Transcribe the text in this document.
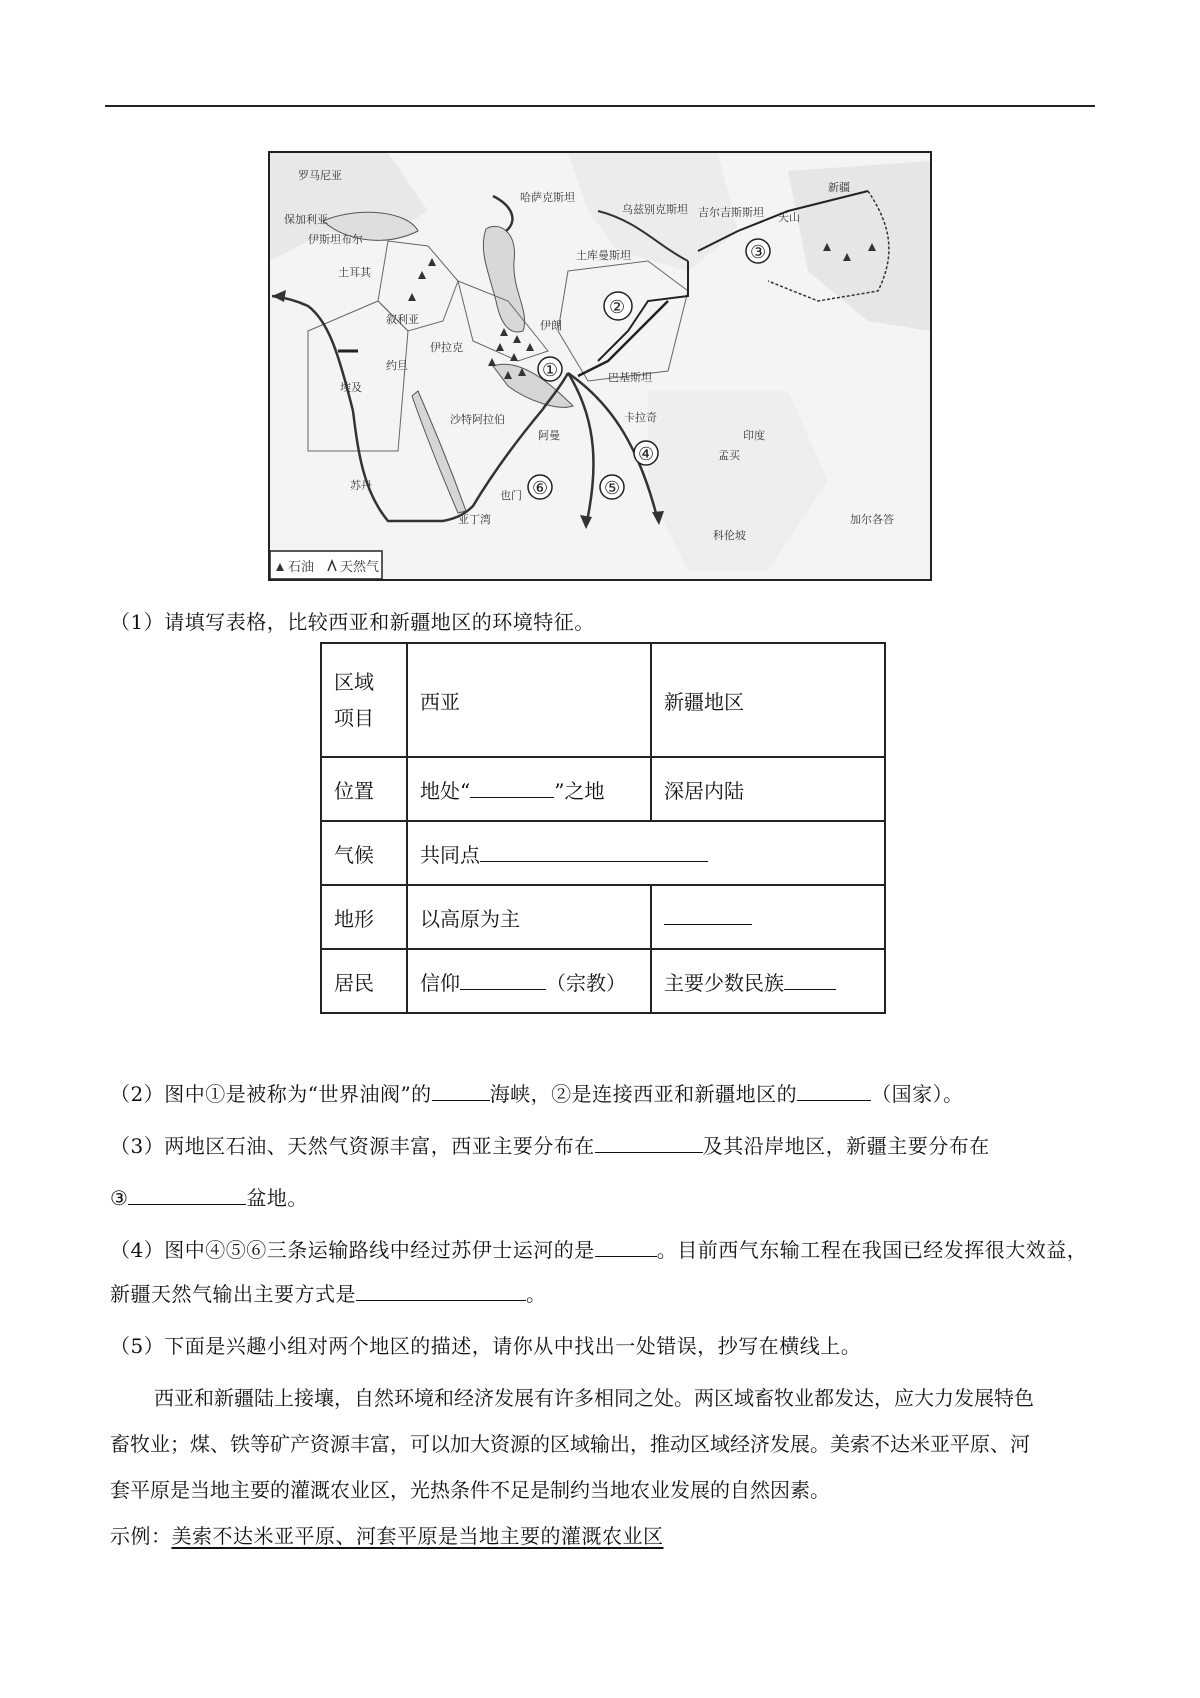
罗马尼亚
保加利亚
伊斯坦布尔
土耳其
叙利亚
伊拉克
伊朗
埃及
苏丹
约旦
沙特阿拉伯
也门
亚丁湾
阿曼
卡拉奇
巴基斯坦
印度
哈萨克斯坦
土库曼斯坦
乌兹别克斯坦 吉尔吉斯斯坦 天山
孟买
科伦坡
加尔各答
新疆
①
②
③
④
⑤
⑥
石油 天然气
（1）请填写表格，比较西亚和新疆地区的环境特征。
区域
项目	西亚	新疆地区
位置	地处“ ”之地	深居内陆
气候	共同点	
地形	以高原为主	
居民	信仰 （宗教）	主要少数民族
（2）图中①是被称为“世界油阀”的	海峡，②是连接西亚和新疆地区的	（国家）。
（3）两地区石油、天然气资源丰富，西亚主要分布在	及其沿岸地区，新疆主要分布在
③	盆地。
（4）图中④⑤⑥三条运输路线中经过苏伊士运河的是	。目前西气东输工程在我国已经发挥很大效益，
新疆天然气输出主要方式是	。
（5）下面是兴趣小组对两个地区的描述，请你从中找出一处错误，抄写在横线上。
西亚和新疆陆上接壤，自然环境和经济发展有许多相同之处。两区域畜牧业都发达，应大力发展特色
畜牧业；煤、铁等矿产资源丰富，可以加大资源的区域输出，推动区域经济发展。美索不达米亚平原、河
套平原是当地主要的灌溉农业区，光热条件不足是制约当地农业发展的自然因素。
示例：美索不达米亚平原、河套平原是当地主要的灌溉农业区
